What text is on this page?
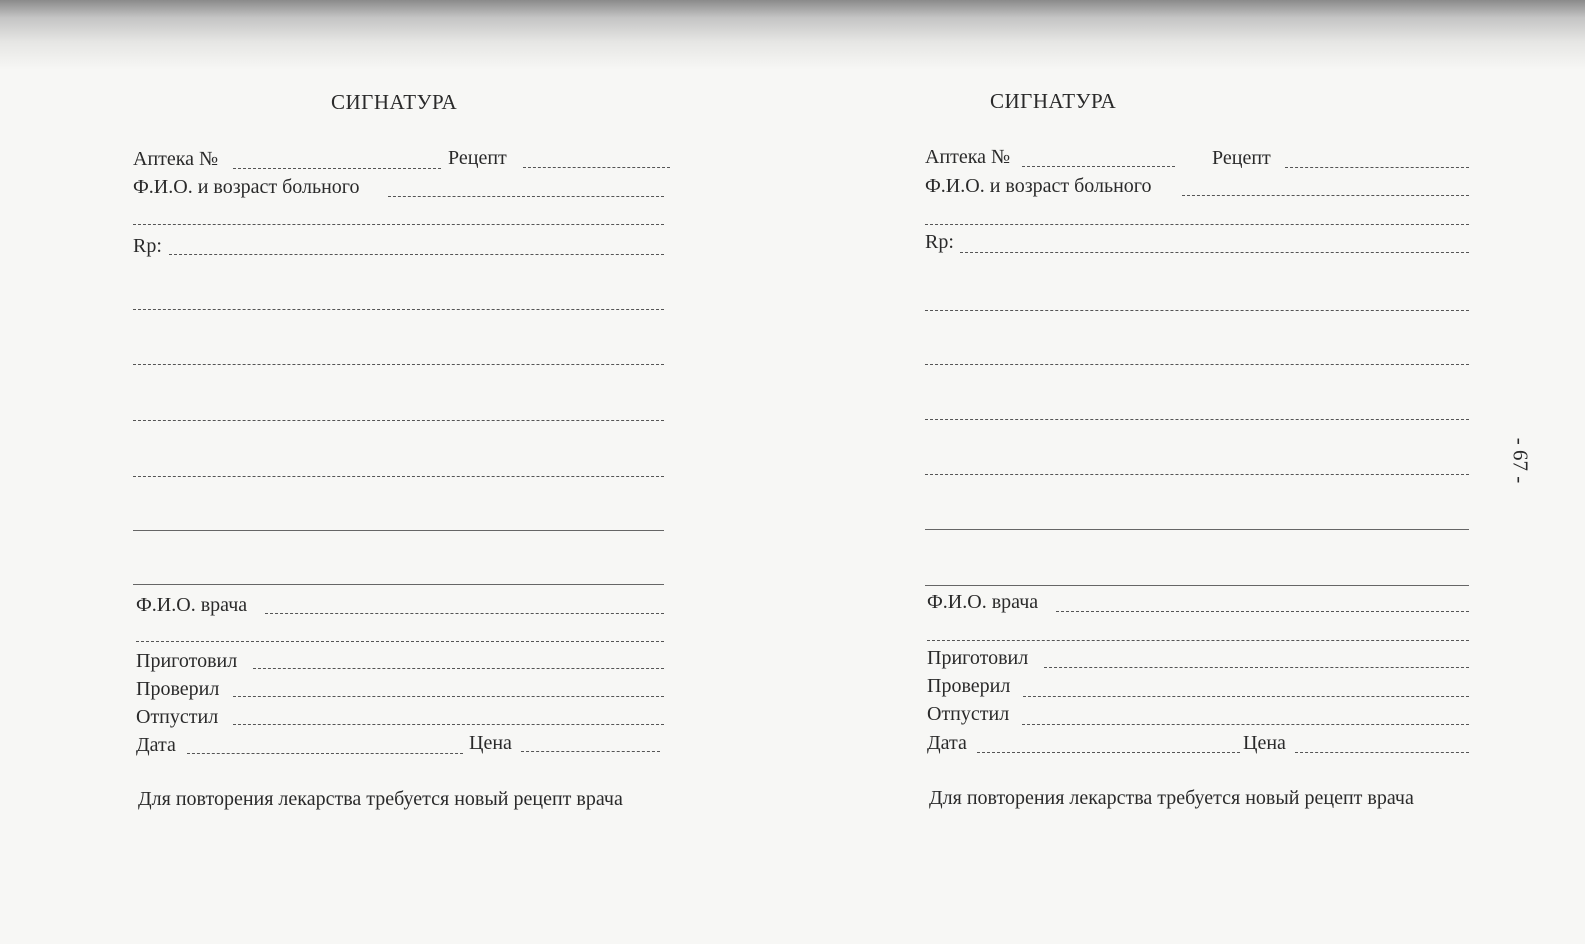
СИГНАТУРА
Аптека №	Рецепт
Ф.И.О. и возраст больного
Rp:
Ф.И.О. врача
Приготовил
Проверил
Отпустил
Дата	Цена
Для повторения лекарства требуется новый рецепт врача
СИГНАТУРА
Аптека №	Рецепт
Ф.И.О. и возраст больного
Rp:
Ф.И.О. врача
Приготовил
Проверил
Отпустил
Дата	Цена
Для повторения лекарства требуется новый рецепт врача
- 67 -
